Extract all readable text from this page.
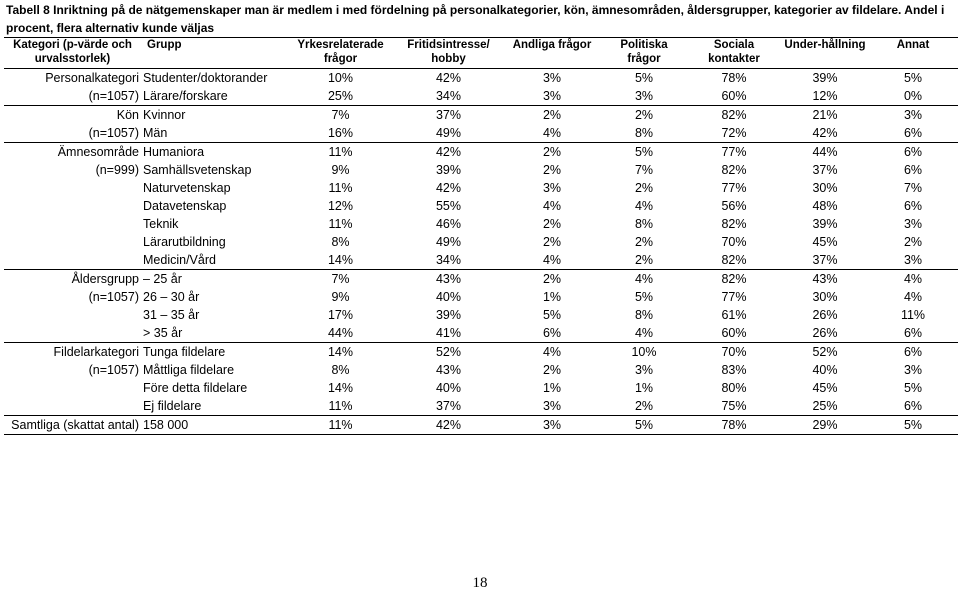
Tabell 8 Inriktning på de nätgemenskaper man är medlem i med fördelning på personalkategorier, kön, ämnesområden, åldersgrupper, kategorier av fildelare. Andel i procent, flera alternativ kunde väljas
Kategori (p-värde och urvalsstorlek)	Grupp	Yrkesrelaterade frågor	Fritidsintresse/ hobby	Andliga frågor	Politiska frågor	Sociala kontakter	Under-hållning	Annat
Personalkategori	Studenter/doktorander	10%	42%	3%	5%	78%	39%	5%
(n=1057)	Lärare/forskare	25%	34%	3%	3%	60%	12%	0%
Kön	Kvinnor	7%	37%	2%	2%	82%	21%	3%
(n=1057)	Män	16%	49%	4%	8%	72%	42%	6%
Ämnesområde	Humaniora	11%	42%	2%	5%	77%	44%	6%
(n=999)	Samhällsvetenskap	9%	39%	2%	7%	82%	37%	6%
	Naturvetenskap	11%	42%	3%	2%	77%	30%	7%
	Datavetenskap	12%	55%	4%	4%	56%	48%	6%
	Teknik	11%	46%	2%	8%	82%	39%	3%
	Lärarutbildning	8%	49%	2%	2%	70%	45%	2%
	Medicin/Vård	14%	34%	4%	2%	82%	37%	3%
Åldersgrupp	– 25 år	7%	43%	2%	4%	82%	43%	4%
(n=1057)	26 – 30 år	9%	40%	1%	5%	77%	30%	4%
	31 – 35 år	17%	39%	5%	8%	61%	26%	11%
	> 35 år	44%	41%	6%	4%	60%	26%	6%
Fildelarkategori	Tunga fildelare	14%	52%	4%	10%	70%	52%	6%
(n=1057)	Måttliga fildelare	8%	43%	2%	3%	83%	40%	3%
	Före detta fildelare	14%	40%	1%	1%	80%	45%	5%
	Ej fildelare	11%	37%	3%	2%	75%	25%	6%
Samtliga (skattat antal)	158 000	11%	42%	3%	5%	78%	29%	5%
18
